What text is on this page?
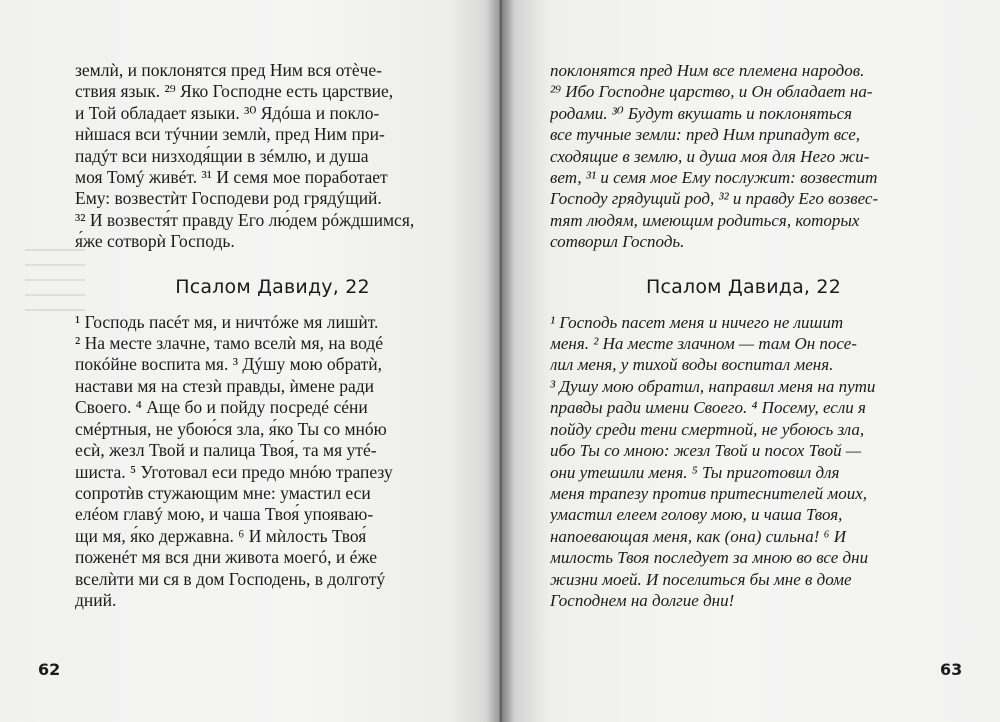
землѝ, и поклонятся пред Ним вся отѐче-
ствия язык. ²⁹ Яко Господне есть цaрствие,
и Той обладaет языки. ³⁰ Ядóша и покло-
нѝшася вси тýчнии землѝ, пред Ним при-
падýт вси низходя́щии в зéмлю, и душа
моя Томý живéт. ³¹ И семя мое поработaет
Ему: возвестѝт Господеви род грядýщий.
³² И возвестя́т правду Его лю́дем рóждшимся,
я́же сотворѝ Господь.
Псалом Давиду, 22
¹ Господь пасéт мя, и ничтóже мя лишѝт.
² На месте злaчне, тамо вселѝ мя, на водé
покóйне воспитa мя. ³ Дýшу мою обратѝ,
настaви мя на стезѝ прaвды, ѝмене рaди
Своего. ⁴ Аще бо и пойду посредé сéни
смéртныя, не убою́ся зла, я́ко Ты со мнóю
есѝ, жезл Твой и пaлица Твоя́, та мя утé-
шиста. ⁵ Уготовaл еси предо мнóю трапезу
сопротѝв стужaющим мне: умaстил еси
елéом главý мою, и чаша Твоя́ упоявaю-
щи мя, я́ко держaвна. ⁶ И мѝлость Твоя́
поженéт мя вся дни живота моегó, и éже
вселѝти ми ся в дом Господень, в долготý
дний.
62
поклонятся пред Ним все племена народов.
²⁹ Ибо Господне царство, и Он обладает на-
родами. ³⁰ Будут вкушать и поклоняться
все тучные земли: пред Ним припадут все,
сходящие в землю, и душа моя для Него жи-
вет, ³¹ и семя мое Ему послужит: возвестит
Господу грядущий род, ³² и правду Его возвес-
тят людям, имеющим родиться, которых
сотворил Господь.
Псалом Давида, 22
¹ Господь пасет меня и ничего не лишит
меня. ² На месте злачном — там Он посе-
лил меня, у тихой воды воспитал меня.
³ Душу мою обратил, направил меня на пути
правды ради имени Своего. ⁴ Посему, если я
пойду среди тени смертной, не убоюсь зла,
ибо Ты со мною: жезл Твой и посох Твой —
они утешили меня. ⁵ Ты приготовил для
меня трапезу против притеснителей моих,
умастил елеем голову мою, и чаша Твоя,
напоевающая меня, как (она) сильна! ⁶ И
милость Твоя последует за мною во все дни
жизни моей. И поселиться бы мне в доме
Господнем на долгие дни!
63
